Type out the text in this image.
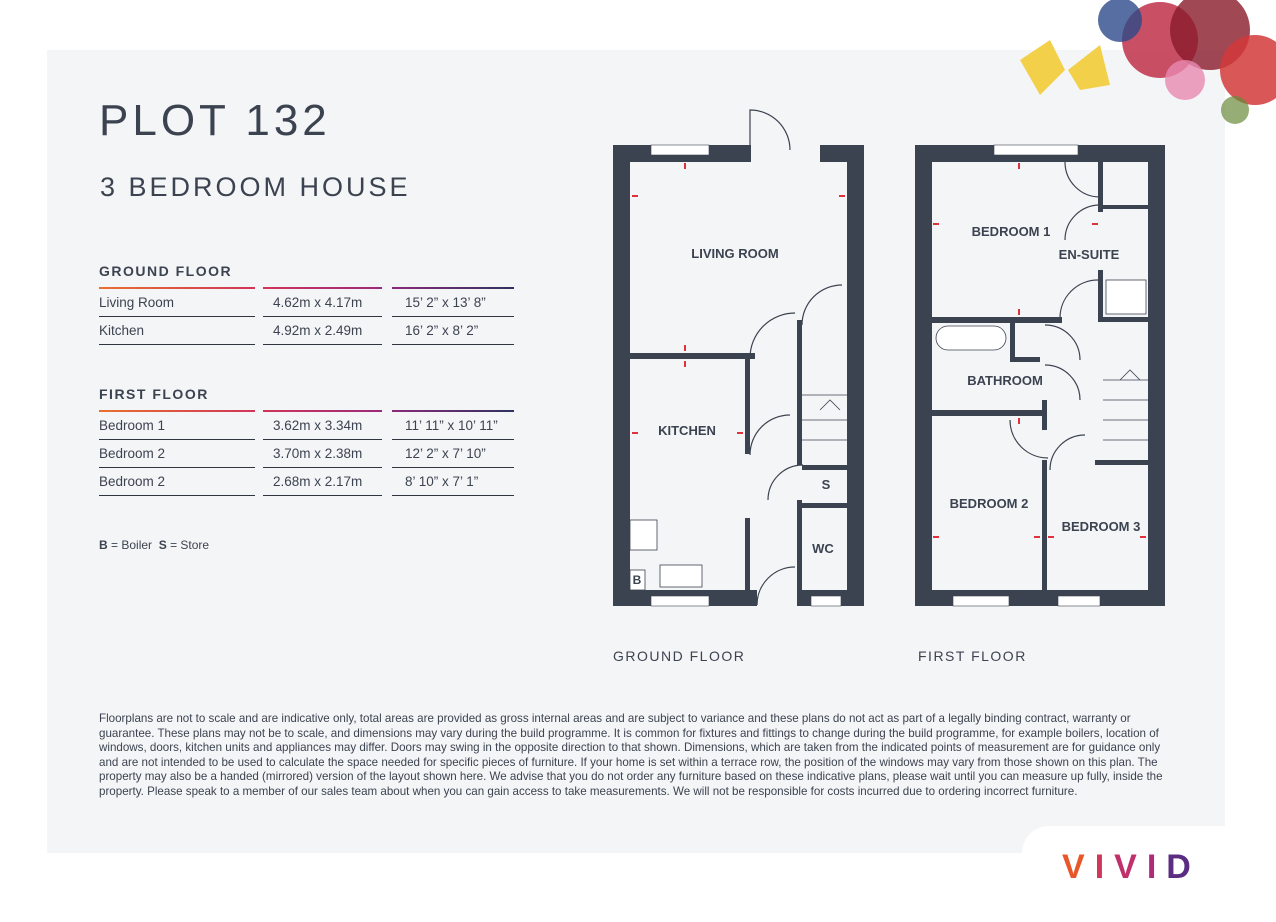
PLOT 132
3 BEDROOM HOUSE
GROUND FLOOR
Living Room	4.62m x 4.17m	15’ 2” x 13’ 8”
Kitchen	4.92m x 2.49m	16’ 2” x 8’ 2”
FIRST FLOOR
Bedroom 1	3.62m x 3.34m	11’ 11” x 10’ 11”
Bedroom 2	3.70m x 2.38m	12’ 2” x 7’ 10”
Bedroom 2	2.68m x 2.17m	8’ 10” x 7’ 1”
B = Boiler S = Store
LIVING ROOM
KITCHEN
S
WC
B
BEDROOM 1
EN-SUITE
BATHROOM
BEDROOM 2
BEDROOM 3
GROUND FLOOR	FIRST FLOOR
Floorplans are not to scale and are indicative only, total areas are provided as gross internal areas and are subject to variance and these plans do not act as part of a legally binding contract, warranty or guarantee. These plans may not be to scale, and dimensions may vary during the build programme. It is common for fixtures and fittings to change during the build programme, for example boilers, location of windows, doors, kitchen units and appliances may differ. Doors may swing in the opposite direction to that shown. Dimensions, which are taken from the indicated points of measurement are for guidance only and are not intended to be used to calculate the space needed for specific pieces of furniture. If your home is set within a terrace row, the position of the windows may vary from those shown on this plan. The property may also be a handed (mirrored) version of the layout shown here. We advise that you do not order any furniture based on these indicative plans, please wait until you can measure up fully, inside the property. Please speak to a member of our sales team about when you can gain access to take measurements. We will not be responsible for costs incurred due to ordering incorrect furniture.
VIVID
